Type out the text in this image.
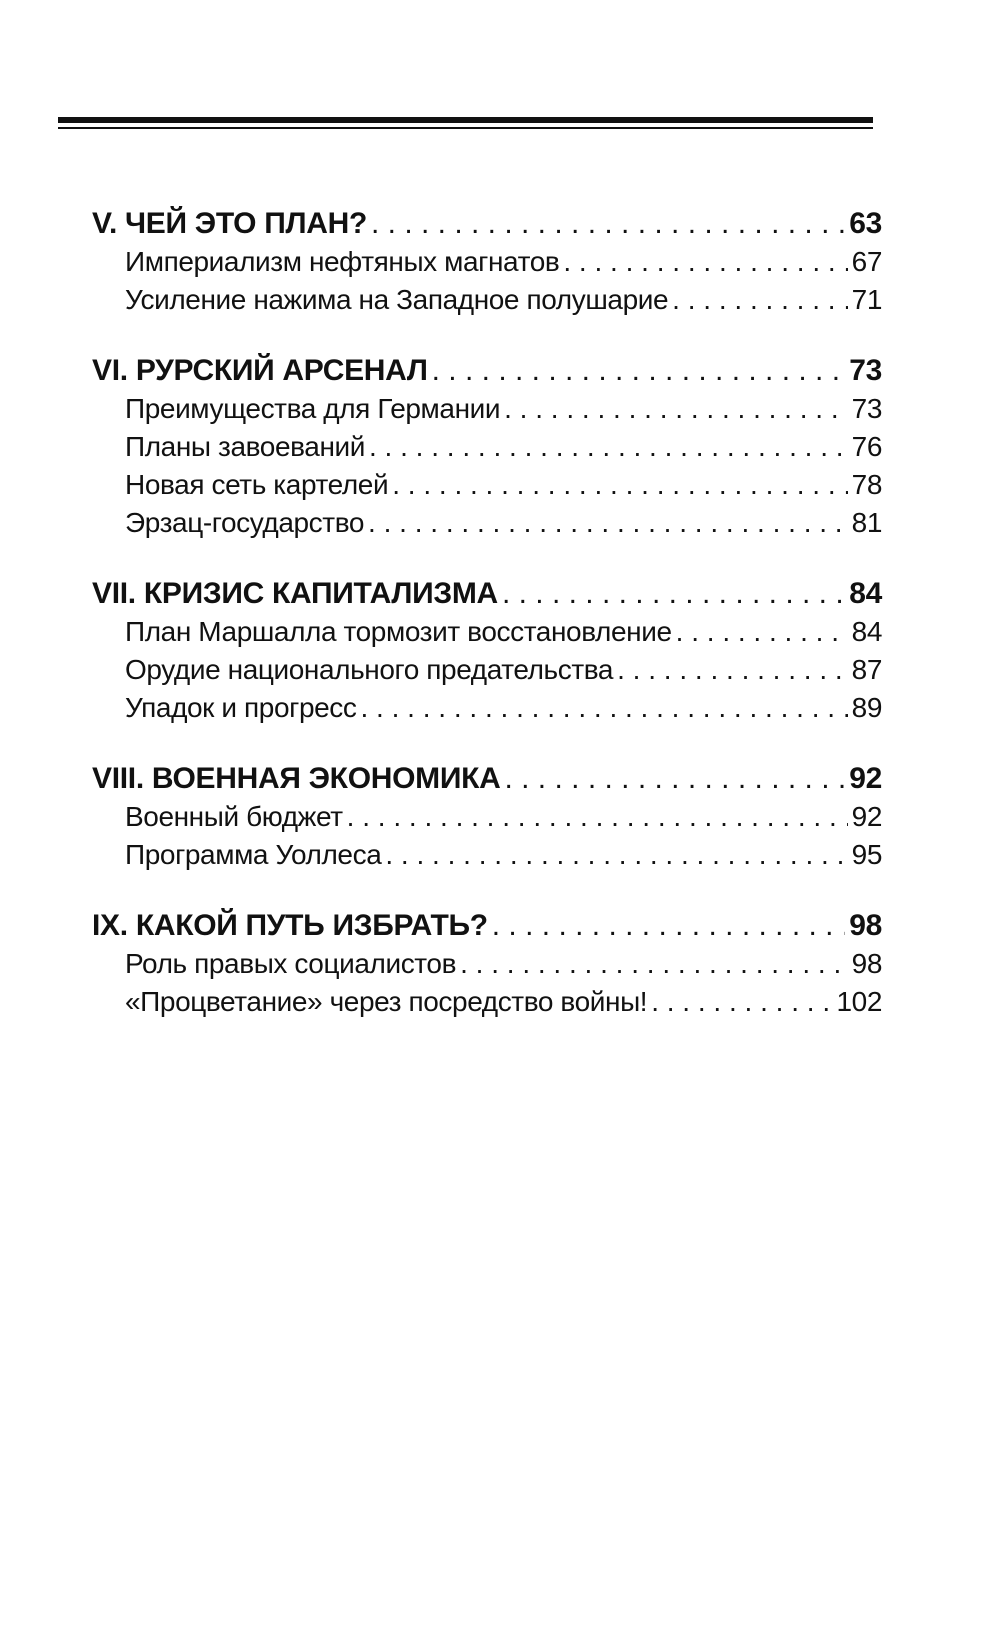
V. ЧЕЙ ЭТО ПЛАН? . . .	63
Империализм нефтяных магнатов . . .	67
Усиление нажима на Западное полушарие . . .	71
VI. РУРСКИЙ АРСЕНАЛ . . .	73
Преимущества для Германии . . .	73
Планы завоеваний . . .	76
Новая сеть картелей . . .	78
Эрзац-государство . . .	81
VII. КРИЗИС КАПИТАЛИЗМА . . .	84
План Маршалла тормозит восстановление . . .	84
Орудие национального предательства . . .	87
Упадок и прогресс . . .	89
VIII. ВОЕННАЯ ЭКОНОМИКА . . .	92
Военный бюджет . . .	92
Программа Уоллеса . . .	95
IX. КАКОЙ ПУТЬ ИЗБРАТЬ? . . .	98
Роль правых социалистов . . .	98
«Процветание» через посредство войны! . . .	102
